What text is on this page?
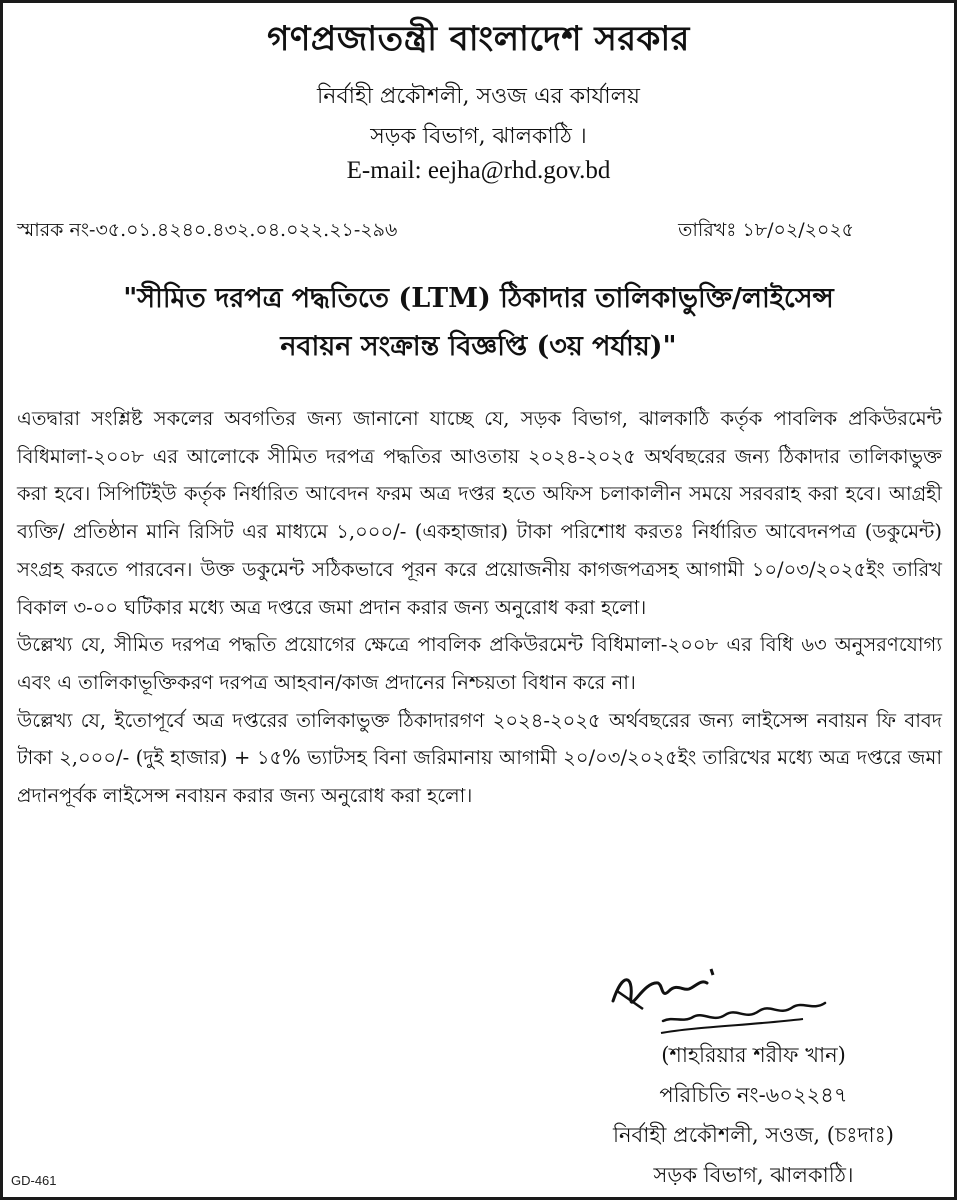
গণপ্রজাতন্ত্রী বাংলাদেশ সরকার
নির্বাহী প্রকৌশলী, সওজ এর কার্যালয়
সড়ক বিভাগ, ঝালকাঠি ।
E-mail: eejha@rhd.gov.bd
স্মারক নং-৩৫.০১.৪২৪০.৪৩২.০৪.০২২.২১-২৯৬	তারিখঃ ১৮/০২/২০২৫
"সীমিত দরপত্র পদ্ধতিতে (LTM) ঠিকাদার তালিকাভুক্তি/লাইসেন্স
নবায়ন সংক্রান্ত বিজ্ঞপ্তি (৩য় পর্যায়)"

এতদ্বারা সংশ্লিষ্ট সকলের অবগতির জন্য জানানো যাচ্ছে যে, সড়ক বিভাগ, ঝালকাঠি কর্তৃক পাবলিক প্রকিউরমেন্ট বিধিমালা-২০০৮ এর আলোকে সীমিত দরপত্র পদ্ধতির আওতায় ২০২৪-২০২৫ অর্থবছরের জন্য ঠিকাদার তালিকাভুক্ত করা হবে। সিপিটিইউ কর্তৃক নির্ধারিত আবেদন ফরম অত্র দপ্তর হতে অফিস চলাকালীন সময়ে সরবরাহ করা হবে। আগ্রহী ব্যক্তি/ প্রতিষ্ঠান মানি রিসিট এর মাধ্যমে ১,০০০/- (একহাজার) টাকা পরিশোধ করতঃ নির্ধারিত আবেদনপত্র (ডকুমেন্ট) সংগ্রহ করতে পারবেন। উক্ত ডকুমেন্ট সঠিকভাবে পূরন করে প্রয়োজনীয় কাগজপত্রসহ আগামী ১০/০৩/২০২৫ইং তারিখ বিকাল ৩-০০ ঘটিকার মধ্যে অত্র দপ্তরে জমা প্রদান করার জন্য অনুরোধ করা হলো।

উল্লেখ্য যে, সীমিত দরপত্র পদ্ধতি প্রয়োগের ক্ষেত্রে পাবলিক প্রকিউরমেন্ট বিধিমালা-২০০৮ এর বিধি ৬৩ অনুসরণযোগ্য এবং এ তালিকাভূক্তিকরণ দরপত্র আহবান/কাজ প্রদানের নিশ্চয়তা বিধান করে না।

উল্লেখ্য যে, ইতোপূর্বে অত্র দপ্তরের তালিকাভুক্ত ঠিকাদারগণ ২০২৪-২০২৫ অর্থবছরের জন্য লাইসেন্স নবায়ন ফি বাবদ টাকা ২,০০০/- (দুই হাজার) + ১৫% ভ্যাটসহ বিনা জরিমানায় আগামী ২০/০৩/২০২৫ইং তারিখের মধ্যে অত্র দপ্তরে জমা প্রদানপূর্বক লাইসেন্স নবায়ন করার জন্য অনুরোধ করা হলো।

(শাহরিয়ার শরীফ খান)
পরিচিতি নং-৬০২২৪৭
নির্বাহী প্রকৌশলী, সওজ, (চঃদাঃ)
সড়ক বিভাগ, ঝালকাঠি।
GD-461
